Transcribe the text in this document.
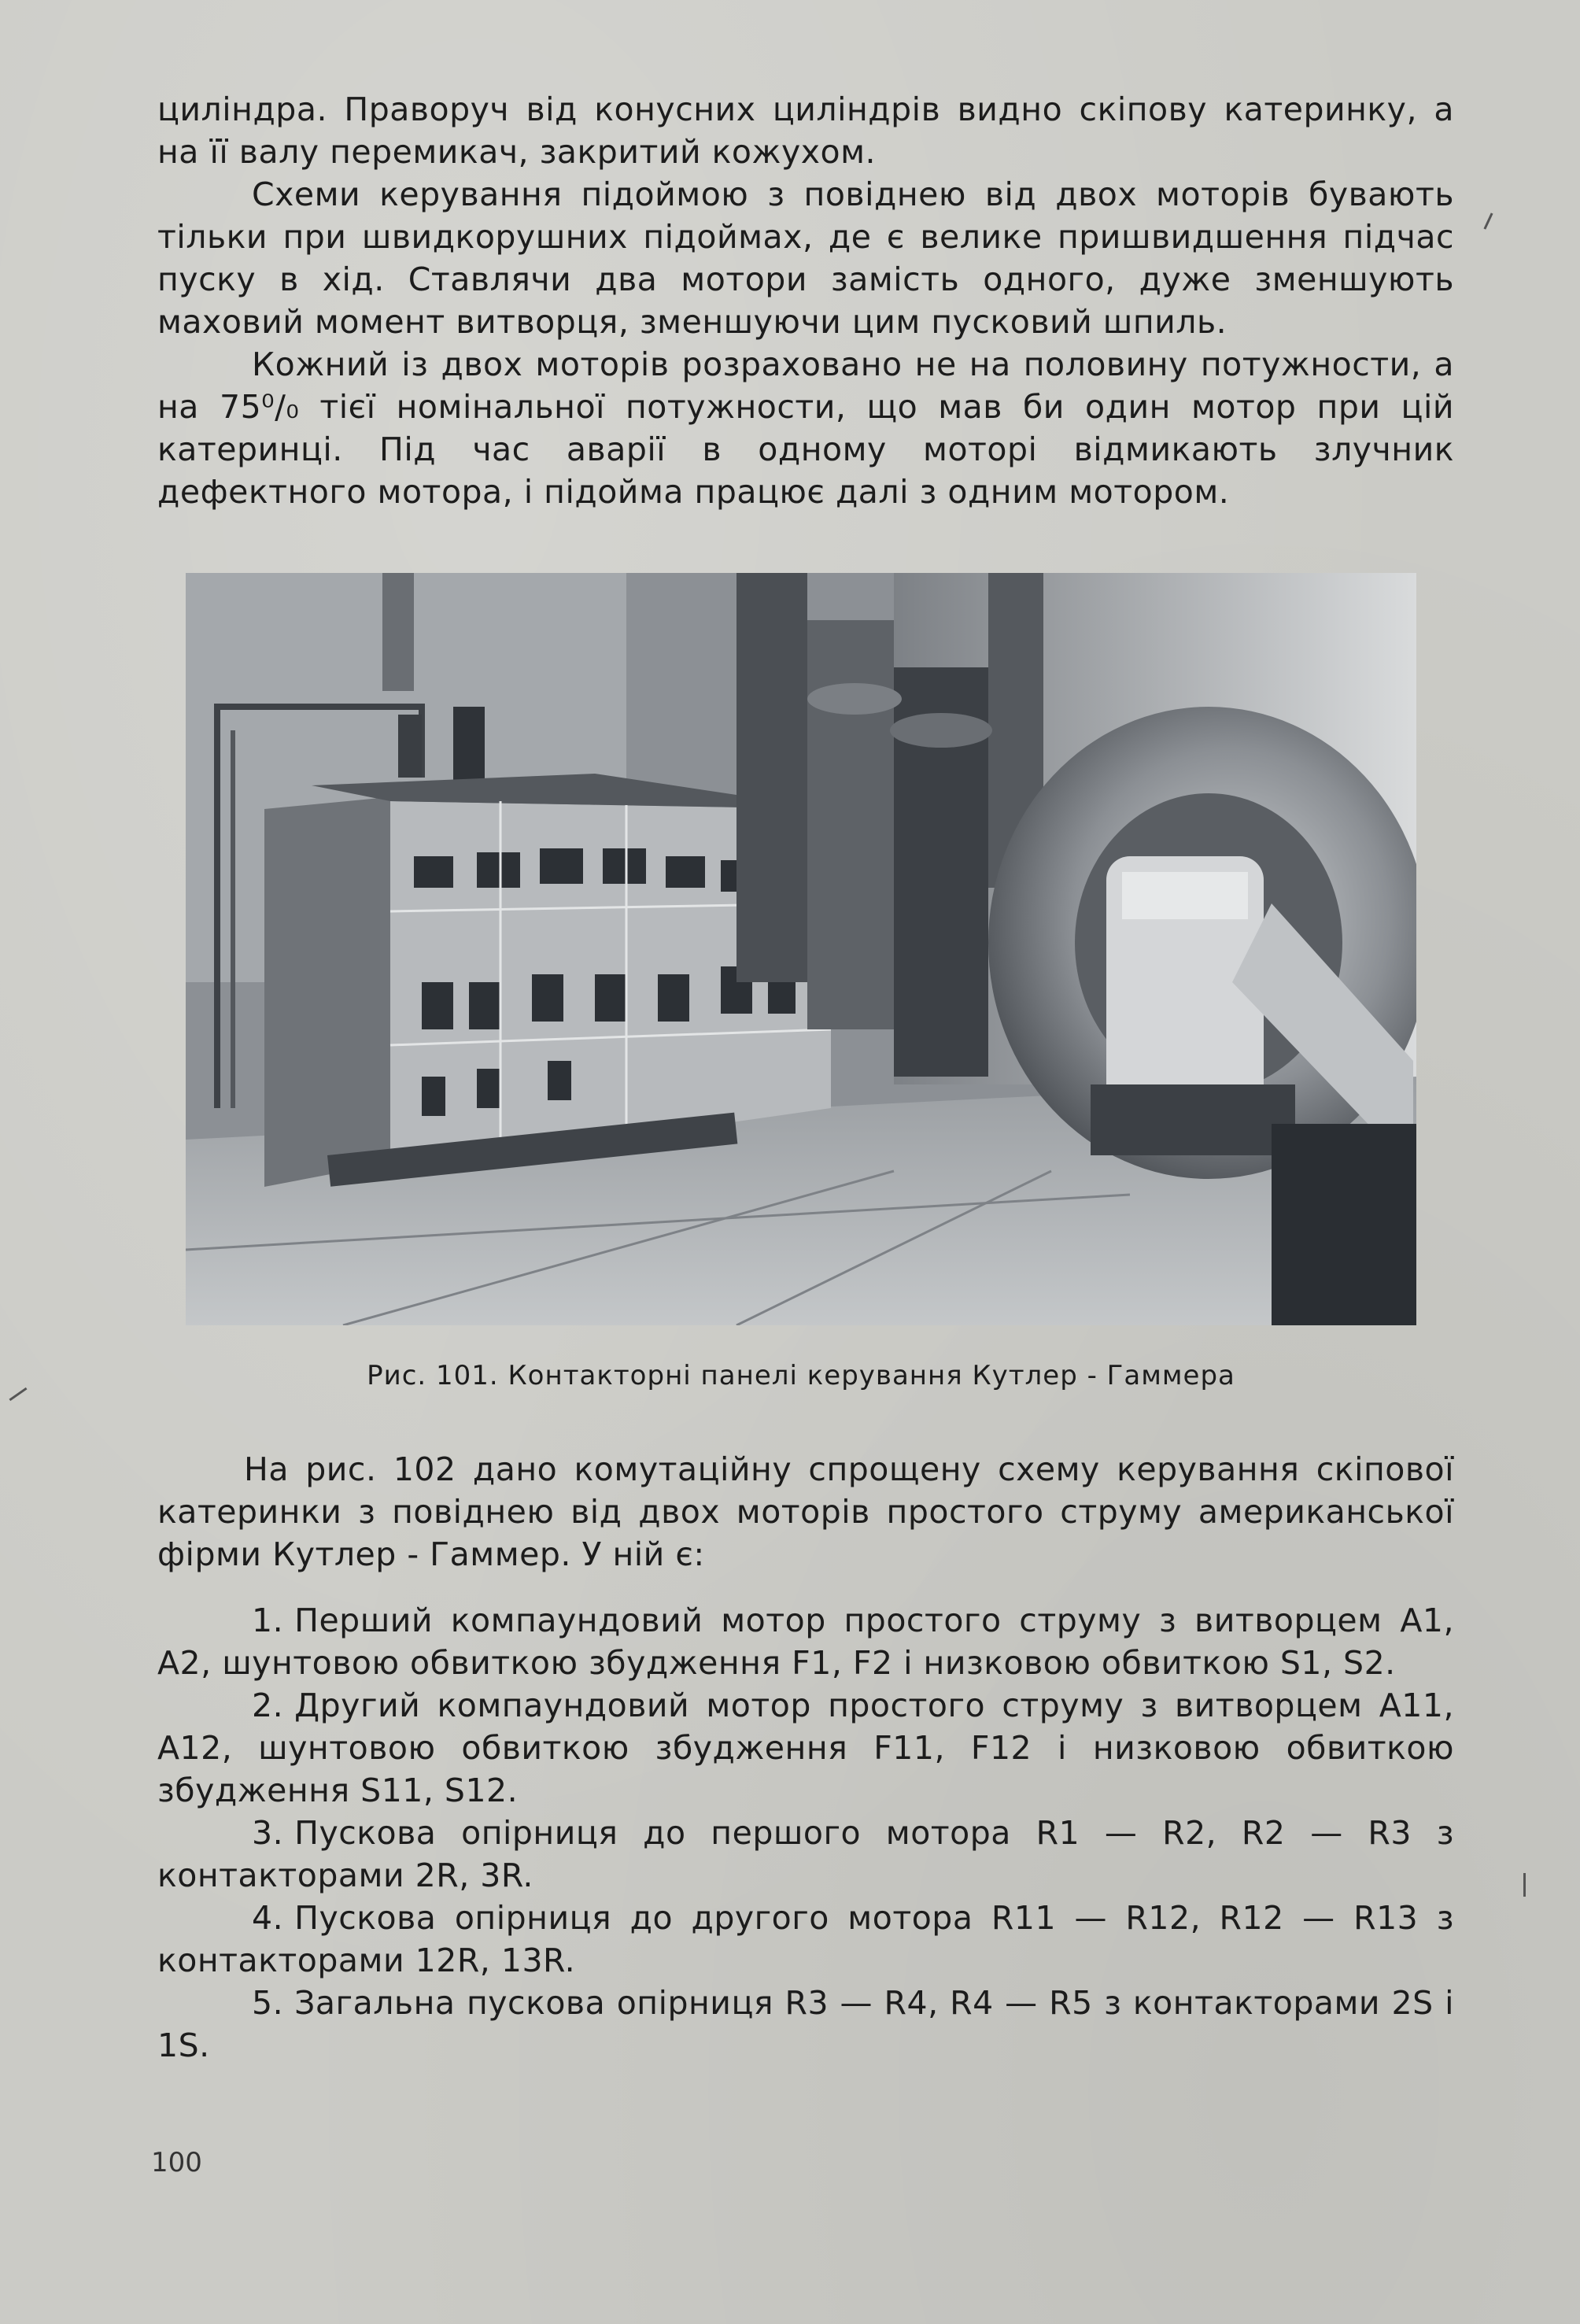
циліндра. Праворуч від конусних циліндрів видно скіпову катеринку, а на її валу перемикач, закритий кожухом.

Схеми керування підоймою з повіднею від двох моторів бувають тільки при швидкорушних підоймах, де є велике пришвидшення підчас пуску в хід. Ставлячи два мотори замість одного, дуже зменшують маховий момент витворця, зменшуючи цим пусковий шпиль.

Кожний із двох моторів розраховано не на половину потужности, а на 75⁰/₀ тієї номінальної потужности, що мав би один мотор при цій катеринці. Під час аварії в одному моторі відмикають злучник дефектного мотора, і підойма працює далі з одним мотором.

Рис. 101. Контакторні панелі керування Кутлер - Гаммера

На рис. 102 дано комутаційну спрощену схему керування скіпової катеринки з повіднею від двох моторів простого струму американської фірми Кутлер - Гаммер. У ній є:

1. Перший компаундовий мотор простого струму з витворцем A1, A2, шунтовою обвиткою збудження F1, F2 і низковою обвиткою S1, S2.

2. Другий компаундовий мотор простого струму з витворцем A11, A12, шунтовою обвиткою збудження F11, F12 і низковою обвиткою збудження S11, S12.

3. Пускова опірниця до першого мотора R1 — R2, R2 — R3 з контакторами 2R, 3R.

4. Пускова опірниця до другого мотора R11 — R12, R12 — R13 з контакторами 12R, 13R.

5. Загальна пускова опірниця R3 — R4, R4 — R5 з контакторами 2S і 1S.

100
